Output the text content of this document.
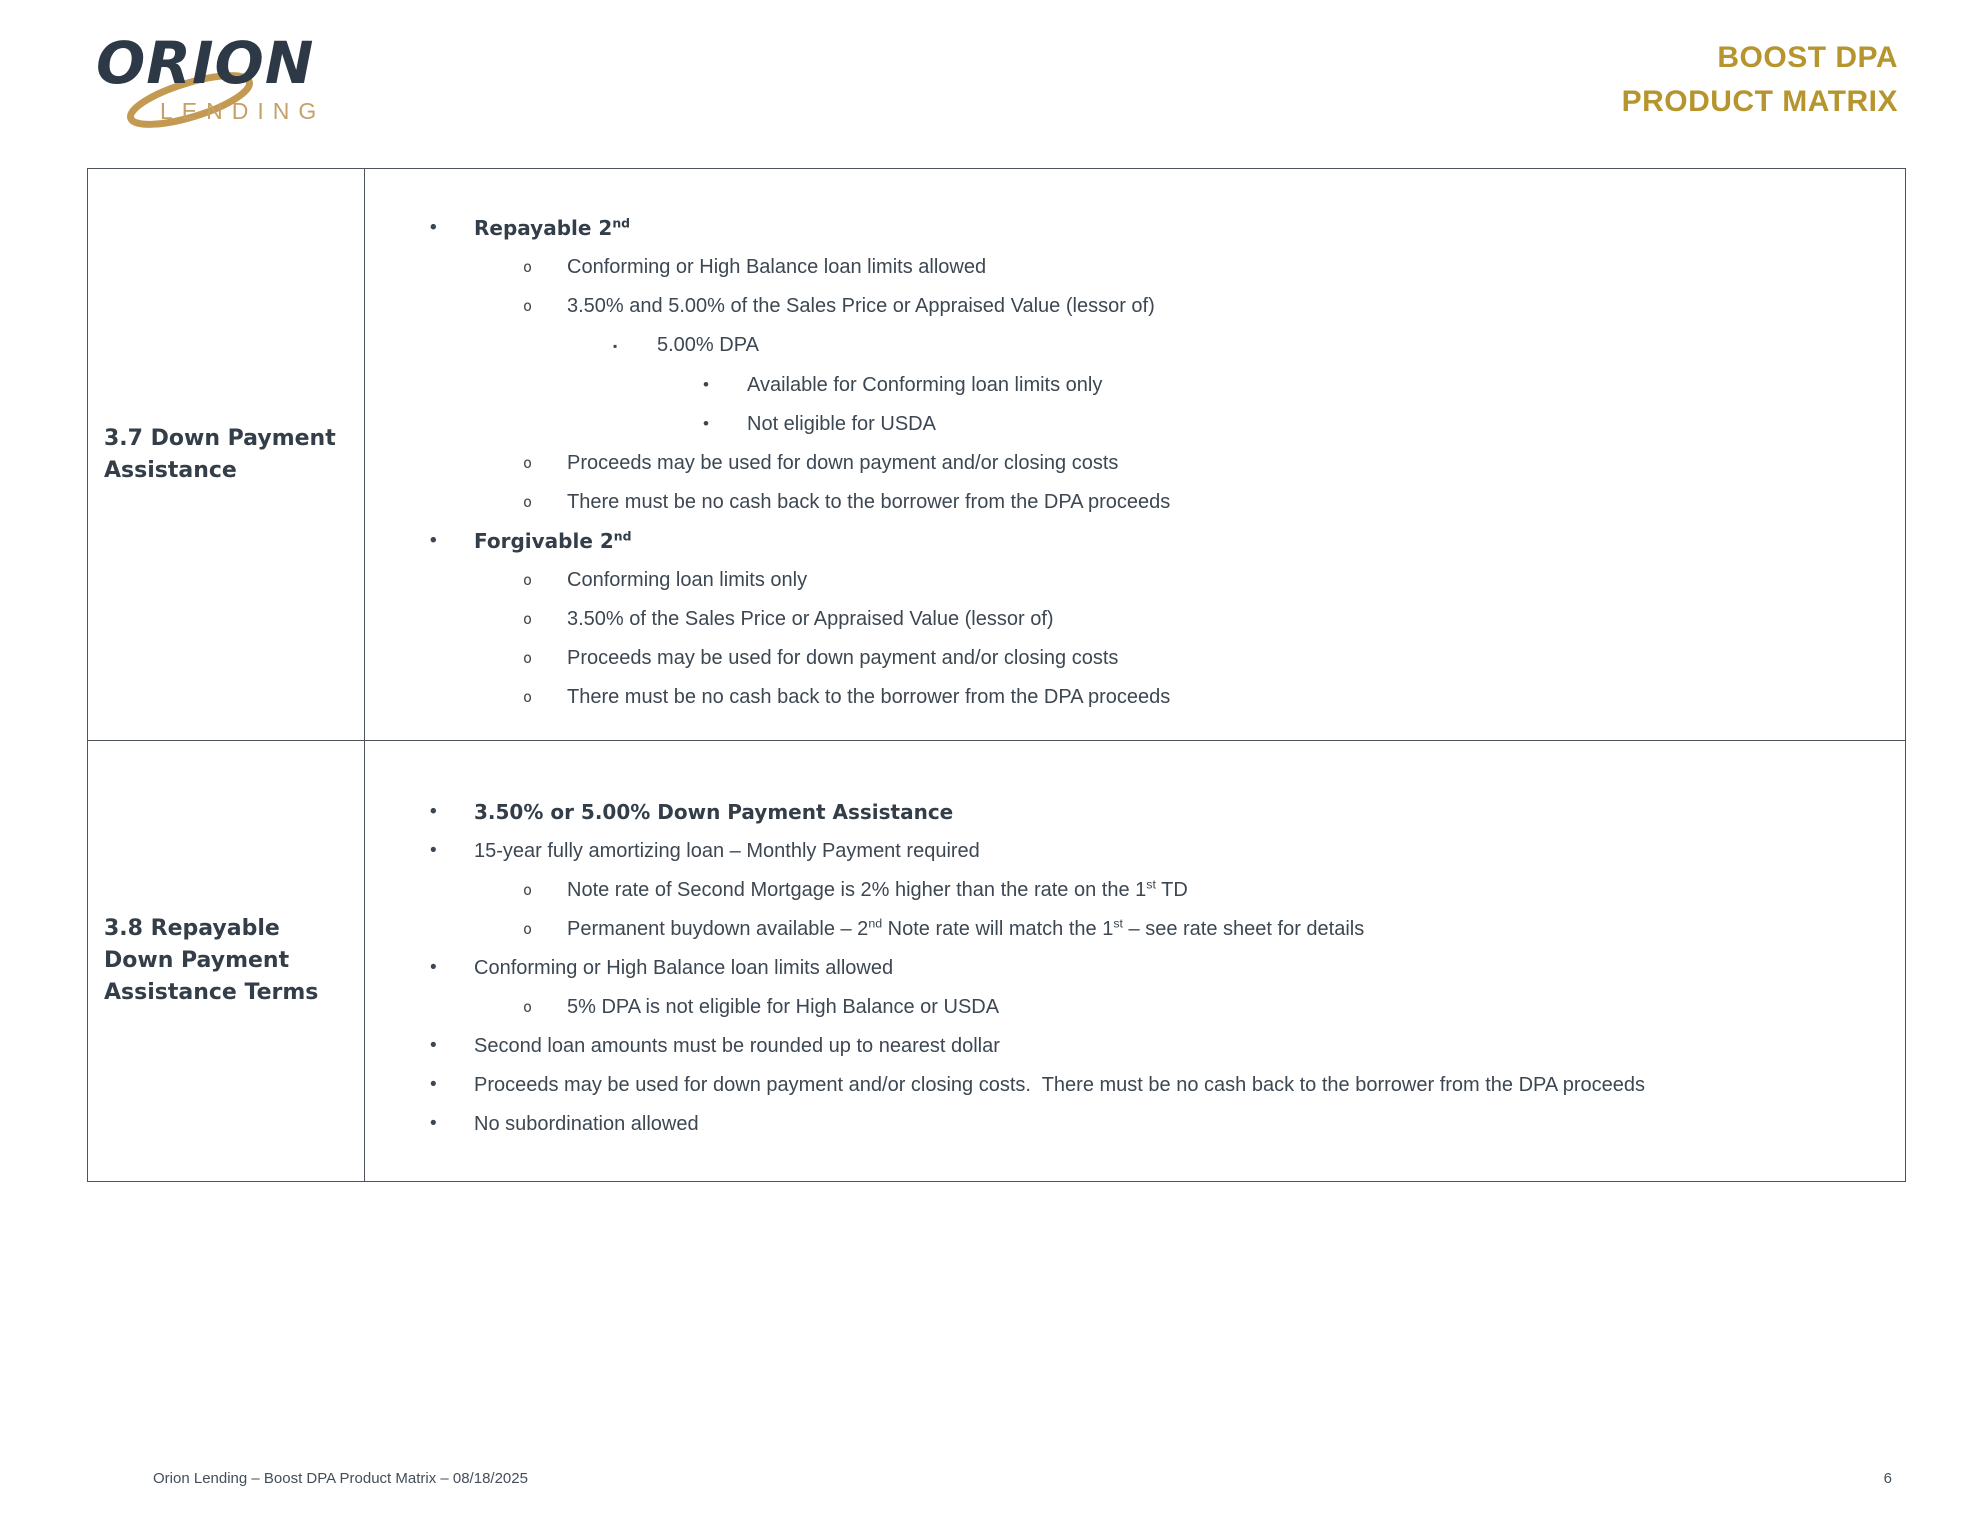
ORION
LENDING
BOOST DPA
PRODUCT MATRIX
3.7 Down Payment Assistance
•	Repayable 2nd
o	Conforming or High Balance loan limits allowed
o	3.50% and 5.00% of the Sales Price or Appraised Value (lessor of)
▪	5.00% DPA
•	Available for Conforming loan limits only
•	Not eligible for USDA
o	Proceeds may be used for down payment and/or closing costs
o	There must be no cash back to the borrower from the DPA proceeds
•	Forgivable 2nd
o	Conforming loan limits only
o	3.50% of the Sales Price or Appraised Value (lessor of)
o	Proceeds may be used for down payment and/or closing costs
o	There must be no cash back to the borrower from the DPA proceeds
3.8 Repayable Down Payment Assistance Terms
•	3.50% or 5.00% Down Payment Assistance
•	15-year fully amortizing loan – Monthly Payment required
o	Note rate of Second Mortgage is 2% higher than the rate on the 1st TD
o	Permanent buydown available – 2nd Note rate will match the 1st – see rate sheet for details
•	Conforming or High Balance loan limits allowed
o	5% DPA is not eligible for High Balance or USDA
•	Second loan amounts must be rounded up to nearest dollar
•	Proceeds may be used for down payment and/or closing costs.  There must be no cash back to the borrower from the DPA proceeds
•	No subordination allowed
Orion Lending – Boost DPA Product Matrix – 08/18/2025	6
